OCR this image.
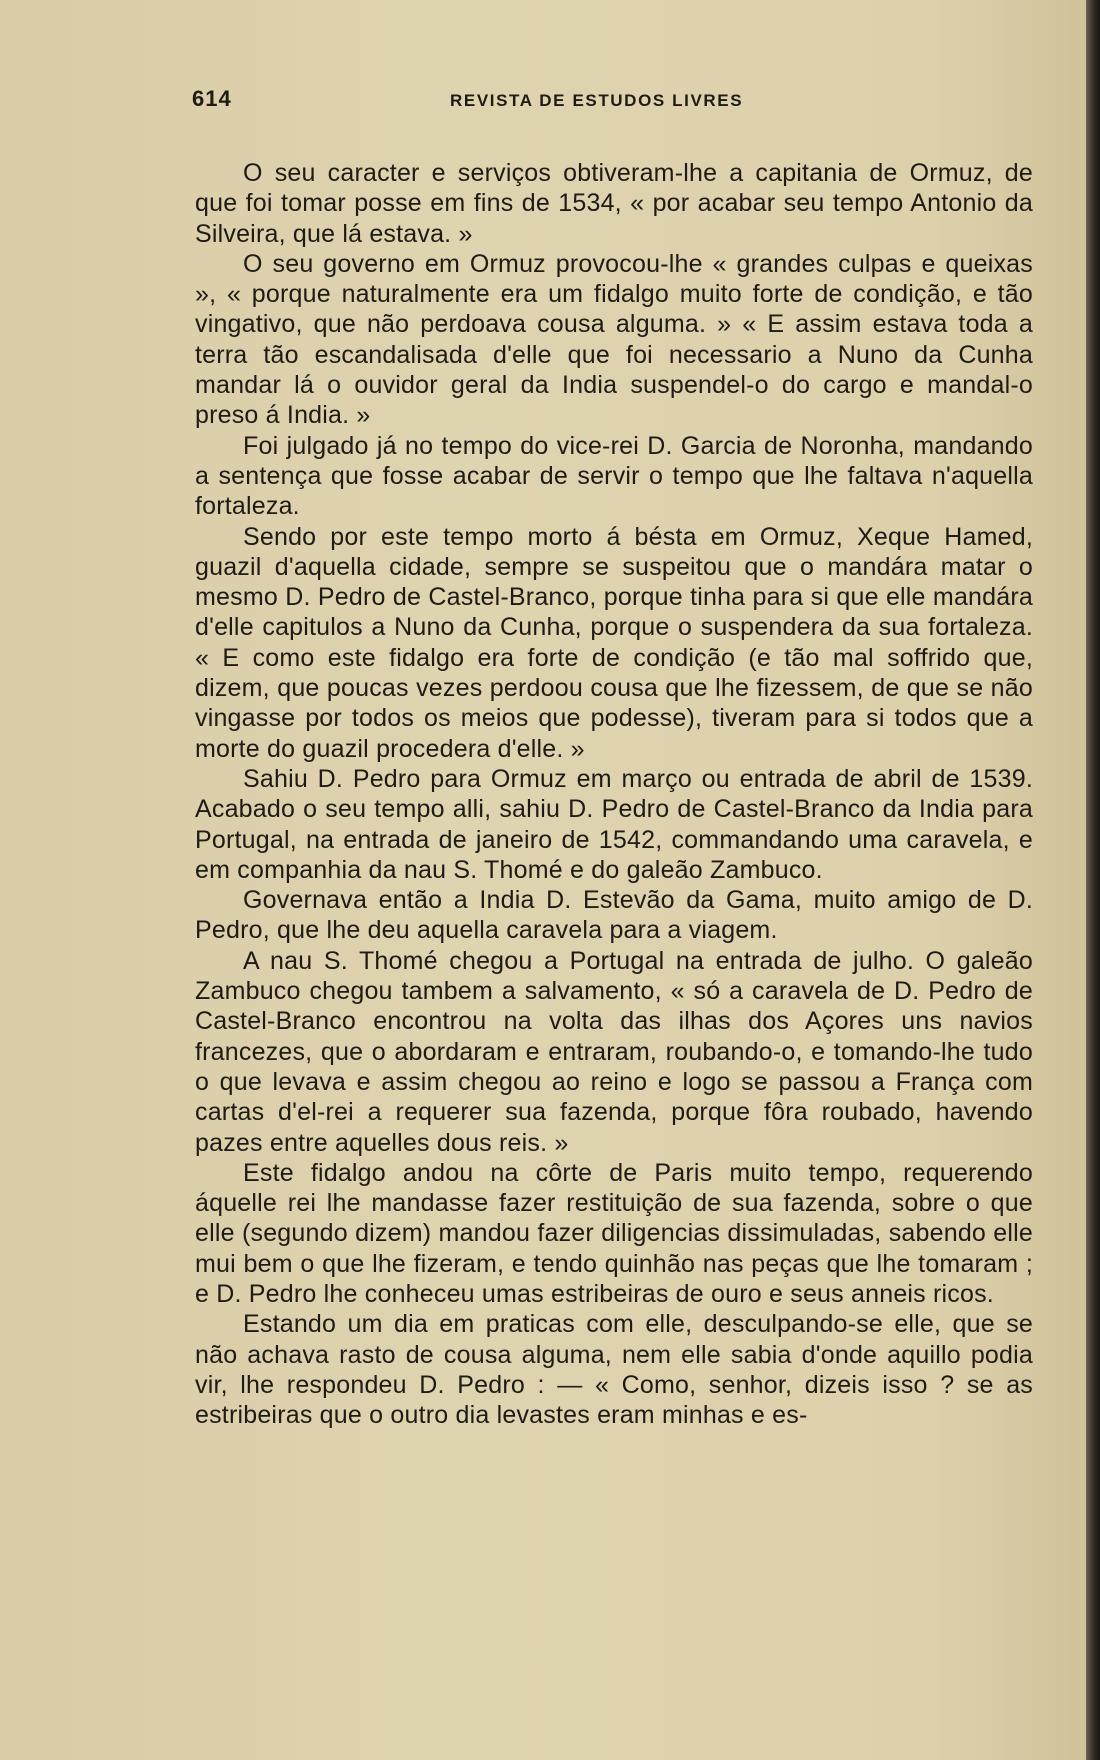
614	REVISTA DE ESTUDOS LIVRES

O seu caracter e serviços obtiveram-lhe a capitania de Ormuz, de que foi tomar posse em fins de 1534, « por acabar seu tempo Antonio da Silveira, que lá estava. »

O seu governo em Ormuz provocou-lhe « grandes culpas e queixas », « porque naturalmente era um fidalgo muito forte de condição, e tão vingativo, que não perdoava cousa alguma. » « E assim estava toda a terra tão escandalisada d'elle que foi necessario a Nuno da Cunha mandar lá o ouvidor geral da India suspendel-o do cargo e mandal-o preso á India. »

Foi julgado já no tempo do vice-rei D. Garcia de Noronha, mandando a sentença que fosse acabar de servir o tempo que lhe faltava n'aquella fortaleza.

Sendo por este tempo morto á bésta em Ormuz, Xeque Hamed, guazil d'aquella cidade, sempre se suspeitou que o mandára matar o mesmo D. Pedro de Castel-Branco, porque tinha para si que elle mandára d'elle capitulos a Nuno da Cunha, porque o suspendera da sua fortaleza. « E como este fidalgo era forte de condição (e tão mal soffrido que, dizem, que poucas vezes perdoou cousa que lhe fizessem, de que se não vingasse por todos os meios que podesse), tiveram para si todos que a morte do guazil procedera d'elle. »

Sahiu D. Pedro para Ormuz em março ou entrada de abril de 1539. Acabado o seu tempo alli, sahiu D. Pedro de Castel-Branco da India para Portugal, na entrada de janeiro de 1542, commandando uma caravela, e em companhia da nau S. Thomé e do galeão Zambuco.

Governava então a India D. Estevão da Gama, muito amigo de D. Pedro, que lhe deu aquella caravela para a viagem.

A nau S. Thomé chegou a Portugal na entrada de julho. O galeão Zambuco chegou tambem a salvamento, « só a caravela de D. Pedro de Castel-Branco encontrou na volta das ilhas dos Açores uns navios francezes, que o abordaram e entraram, roubando-o, e tomando-lhe tudo o que levava e assim chegou ao reino e logo se passou a França com cartas d'el-rei a requerer sua fazenda, porque fôra roubado, havendo pazes entre aquelles dous reis. »

Este fidalgo andou na côrte de Paris muito tempo, requerendo áquelle rei lhe mandasse fazer restituição de sua fazenda, sobre o que elle (segundo dizem) mandou fazer diligencias dissimuladas, sabendo elle mui bem o que lhe fizeram, e tendo quinhão nas peças que lhe tomaram ; e D. Pedro lhe conheceu umas estribeiras de ouro e seus anneis ricos.

Estando um dia em praticas com elle, desculpando-se elle, que se não achava rasto de cousa alguma, nem elle sabia d'onde aquillo podia vir, lhe respondeu D. Pedro : — « Como, senhor, dizeis isso ? se as estribeiras que o outro dia levastes eram minhas e es-
